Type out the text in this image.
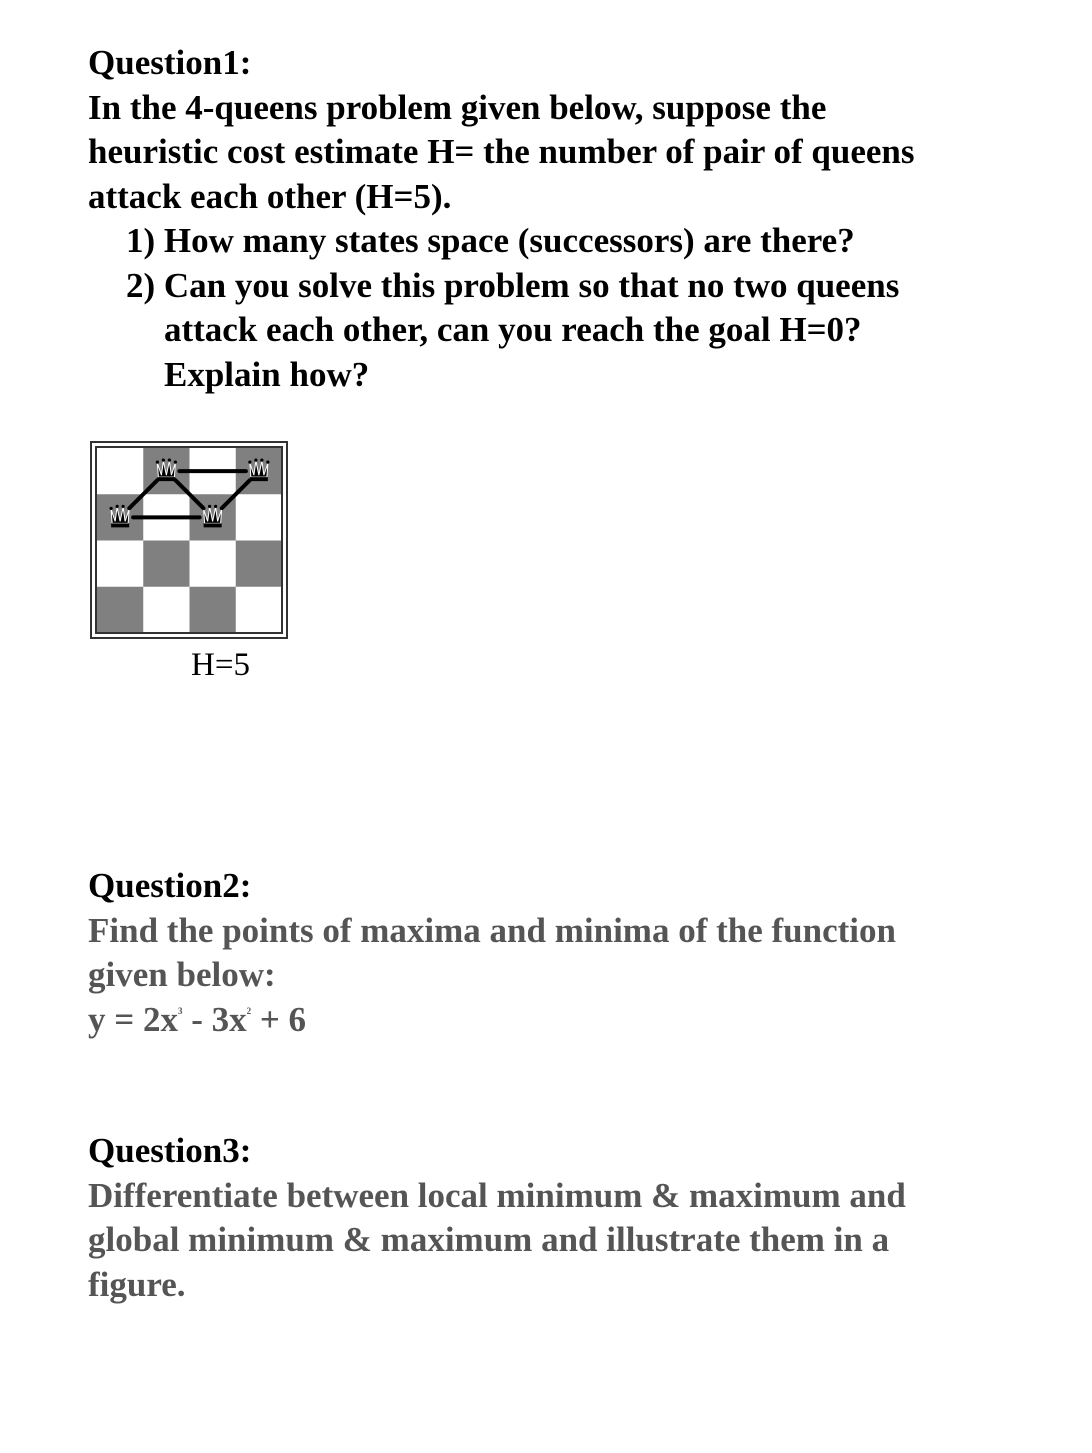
Question1:
In the 4-queens problem given below, suppose the
heuristic cost estimate H= the number of pair of queens
attack each other (H=5).
1) How many states space (successors) are there?
2) Can you solve this problem so that no two queens
attack each other, can you reach the goal H=0?
Explain how?
H=5
Question2:
Find the points of maxima and minima of the function
given below:
$y = 2x^3 - 3x^2 + 6$
Question3:
Differentiate between local minimum & maximum and
global minimum & maximum and illustrate them in a
figure.
